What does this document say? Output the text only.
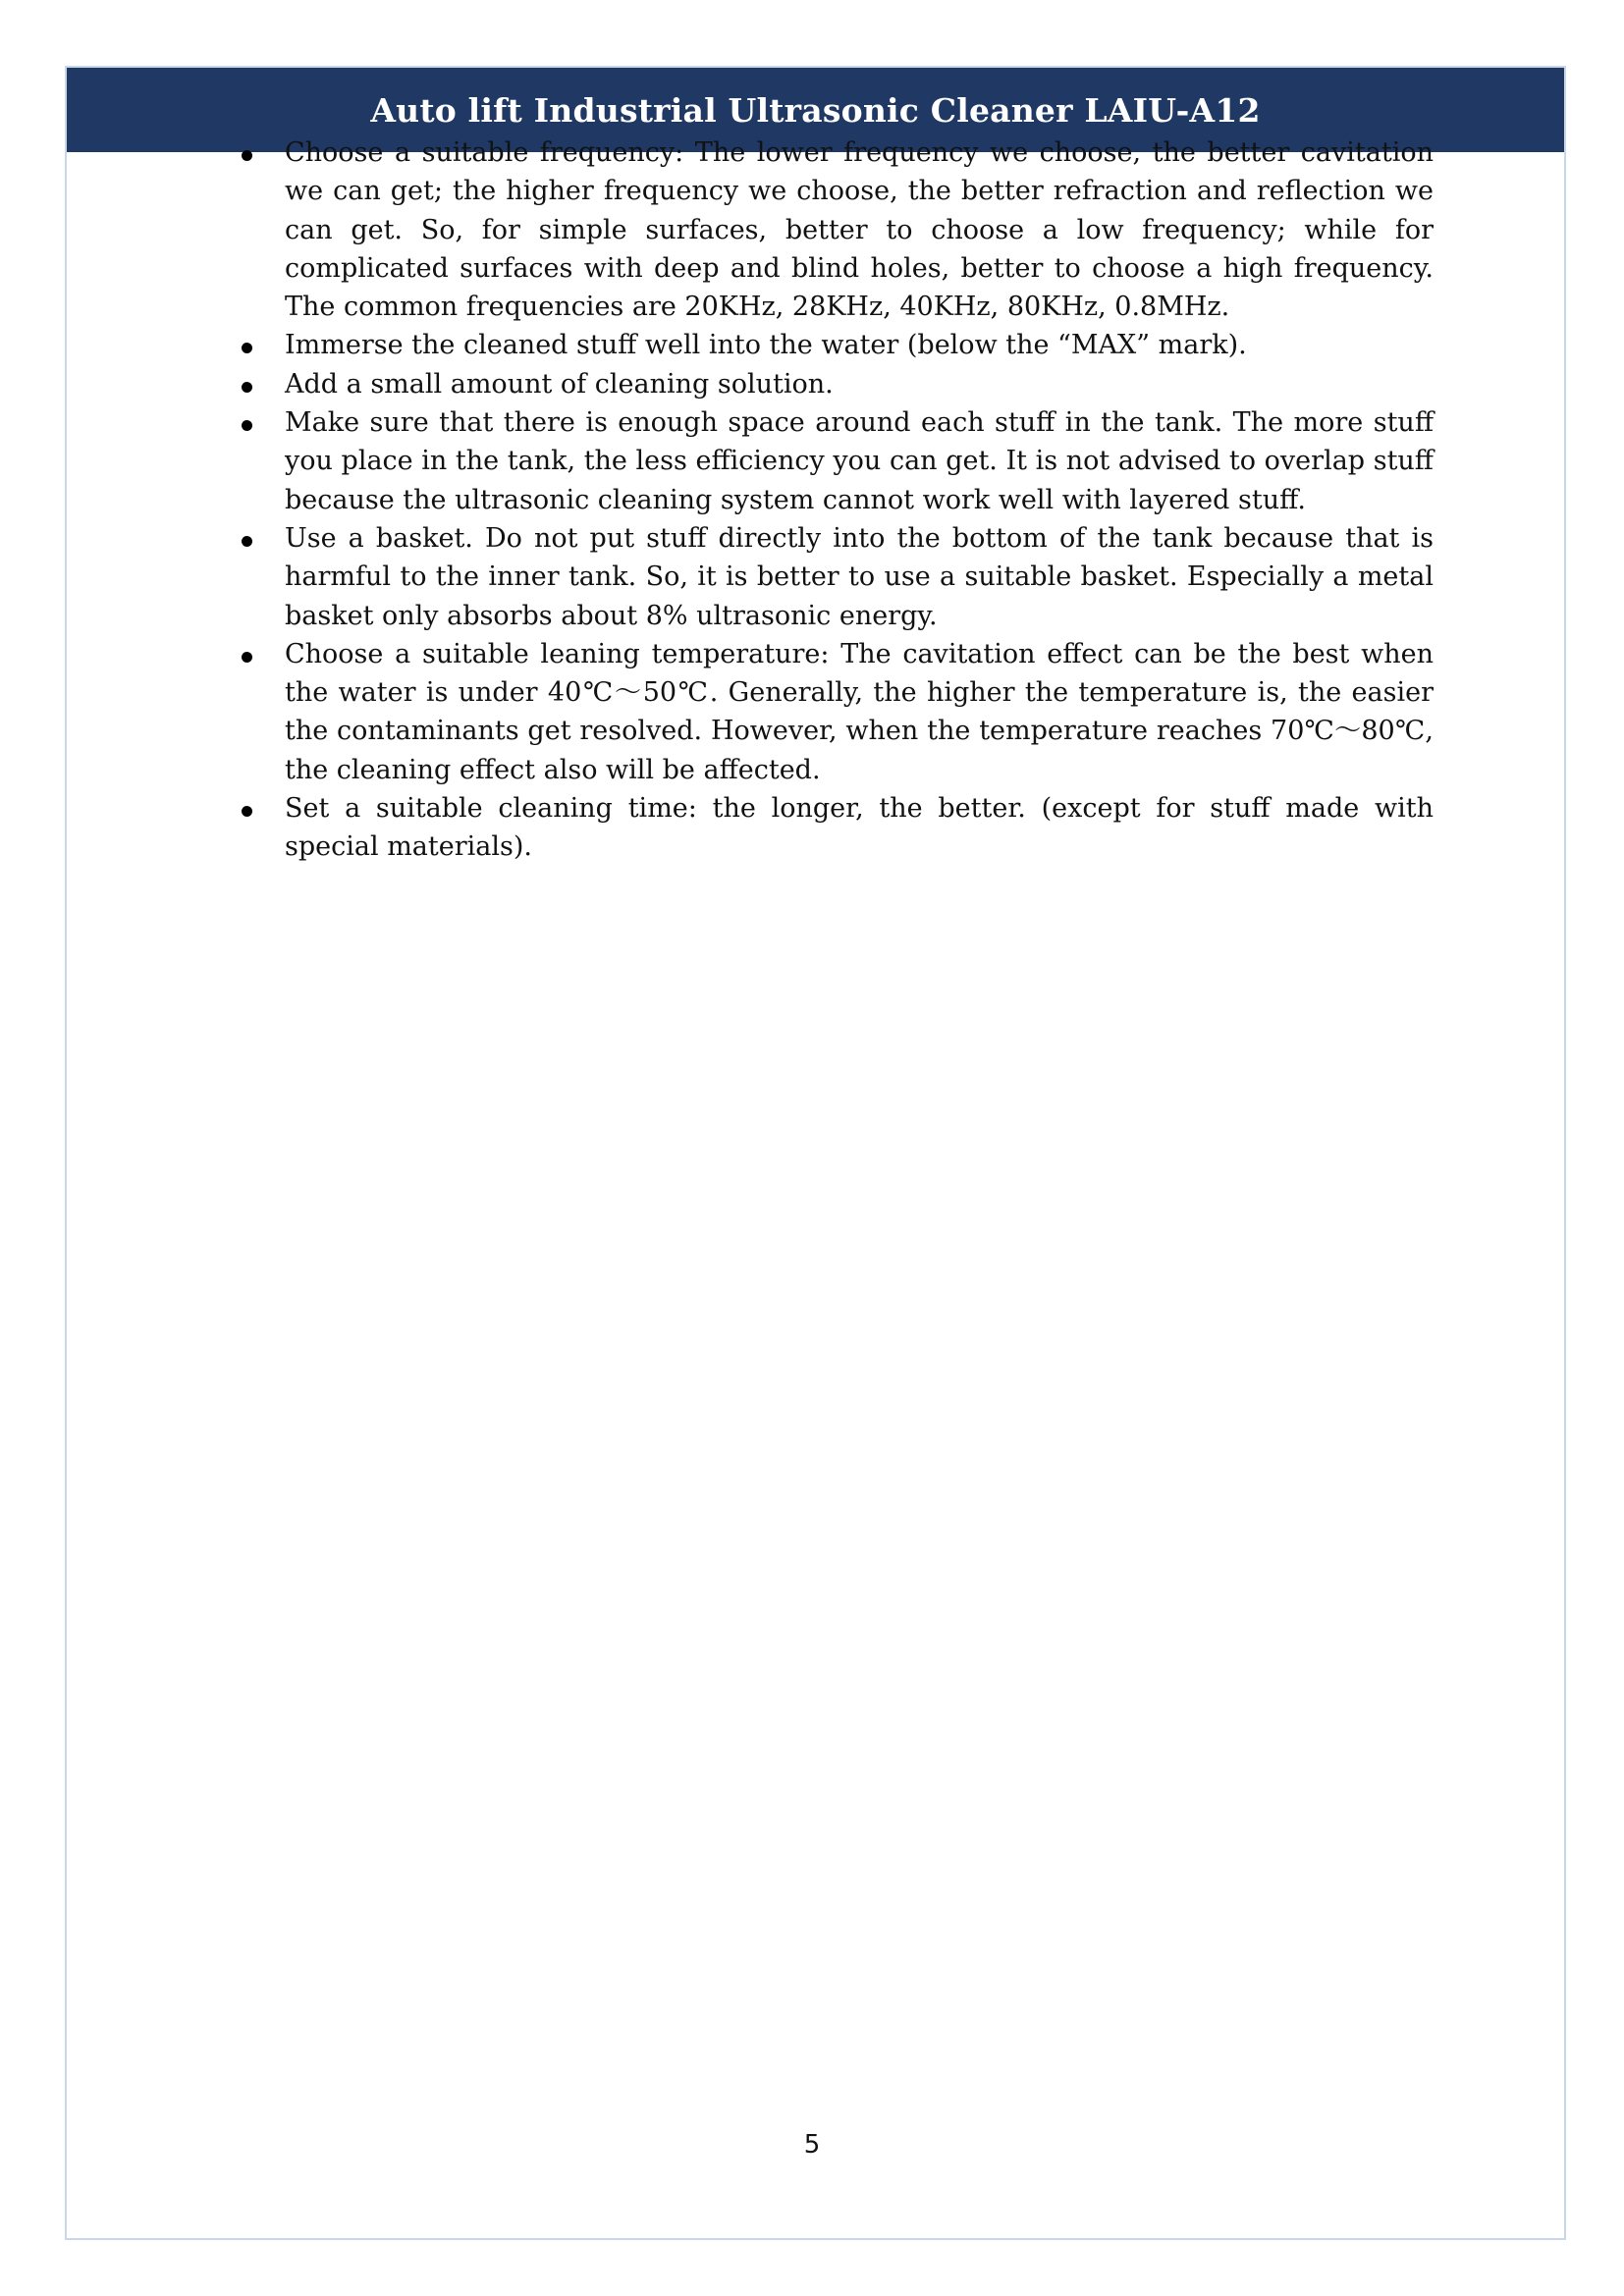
Auto lift Industrial Ultrasonic Cleaner LAIU-A12
Choose a suitable frequency: The lower frequency we choose, the better cavitation we can get; the higher frequency we choose, the better refraction and reflection we can get. So, for simple surfaces, better to choose a low frequency; while for complicated surfaces with deep and blind holes, better to choose a high frequency. The common frequencies are 20KHz, 28KHz, 40KHz, 80KHz, 0.8MHz.
Immerse the cleaned stuff well into the water (below the “MAX” mark).
Add a small amount of cleaning solution.
Make sure that there is enough space around each stuff in the tank. The more stuff you place in the tank, the less efficiency you can get. It is not advised to overlap stuff because the ultrasonic cleaning system cannot work well with layered stuff.
Use a basket. Do not put stuff directly into the bottom of the tank because that is harmful to the inner tank. So, it is better to use a suitable basket. Especially a metal basket only absorbs about 8% ultrasonic energy.
Choose a suitable leaning temperature: The cavitation effect can be the best when the water is under 40℃～50℃. Generally, the higher the temperature is, the easier the contaminants get resolved. However, when the temperature reaches 70℃～80℃, the cleaning effect also will be affected.
Set a suitable cleaning time: the longer, the better. (except for stuff made with special materials).
5
